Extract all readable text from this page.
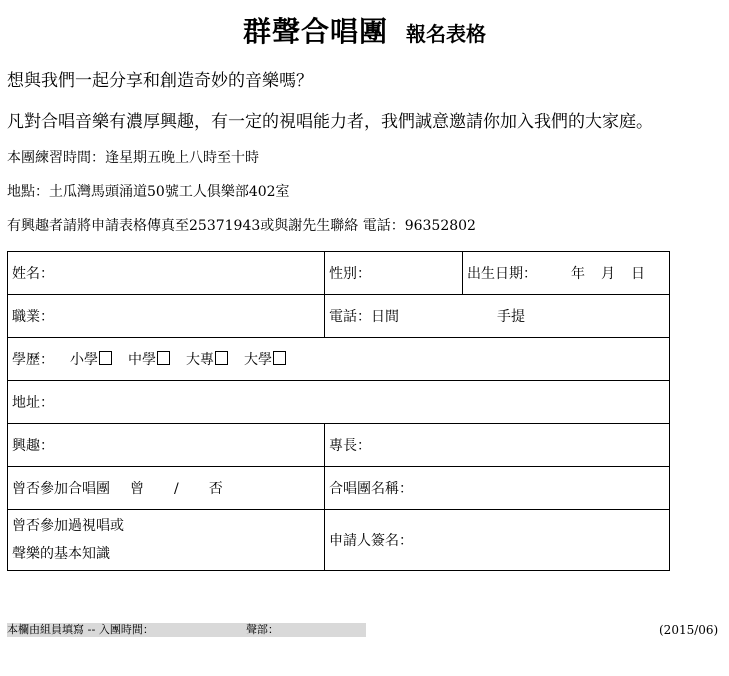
群聲合唱團 報名表格
想與我們一起分享和創造奇妙的音樂嗎？
凡對合唱音樂有濃厚興趣，有一定的視唱能力者，我們誠意邀請你加入我們的大家庭。
本團練習時間：逢星期五晚上八時至十時
地點：土瓜灣馬頭涌道50號工人俱樂部402室
有興趣者請將申請表格傳真至25371943或與謝先生聯絡 電話：96352802
姓名：	性別：	出生日期： 年 月 日
職業：	電話：日間 手提	
學歷： 小學 中學 大專 大學		
地址：		
興趣：	專長：	
曾否參加合唱團 曾 / 否	合唱團名稱：	
曾否參加過視唱或
聲樂的基本知識	申請人簽名：	
本欄由組員填寫 -- 入團時間：	聲部：	(2015/06)
